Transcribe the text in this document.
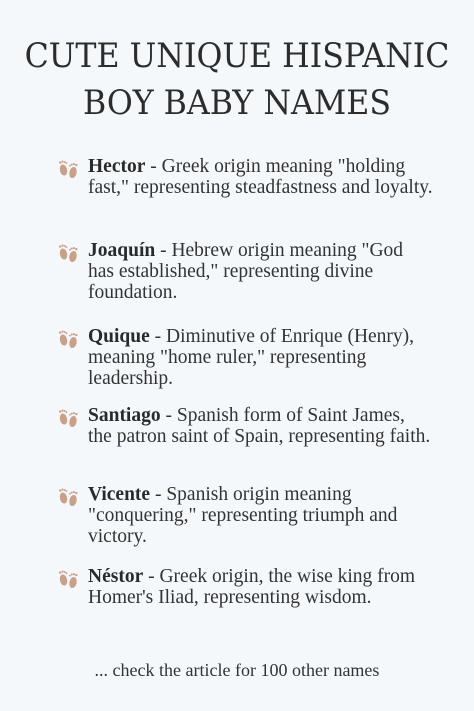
CUTE UNIQUE HISPANIC
BOY BABY NAMES
Hector - Greek origin meaning "holding fast," representing steadfastness and loyalty.
Joaquín - Hebrew origin meaning "God has established," representing divine foundation.
Quique - Diminutive of Enrique (Henry), meaning "home ruler," representing leadership.
Santiago - Spanish form of Saint James, the patron saint of Spain, representing faith.
Vicente - Spanish origin meaning "conquering," representing triumph and victory.
Néstor - Greek origin, the wise king from Homer's Iliad, representing wisdom.
... check the article for 100 other names
